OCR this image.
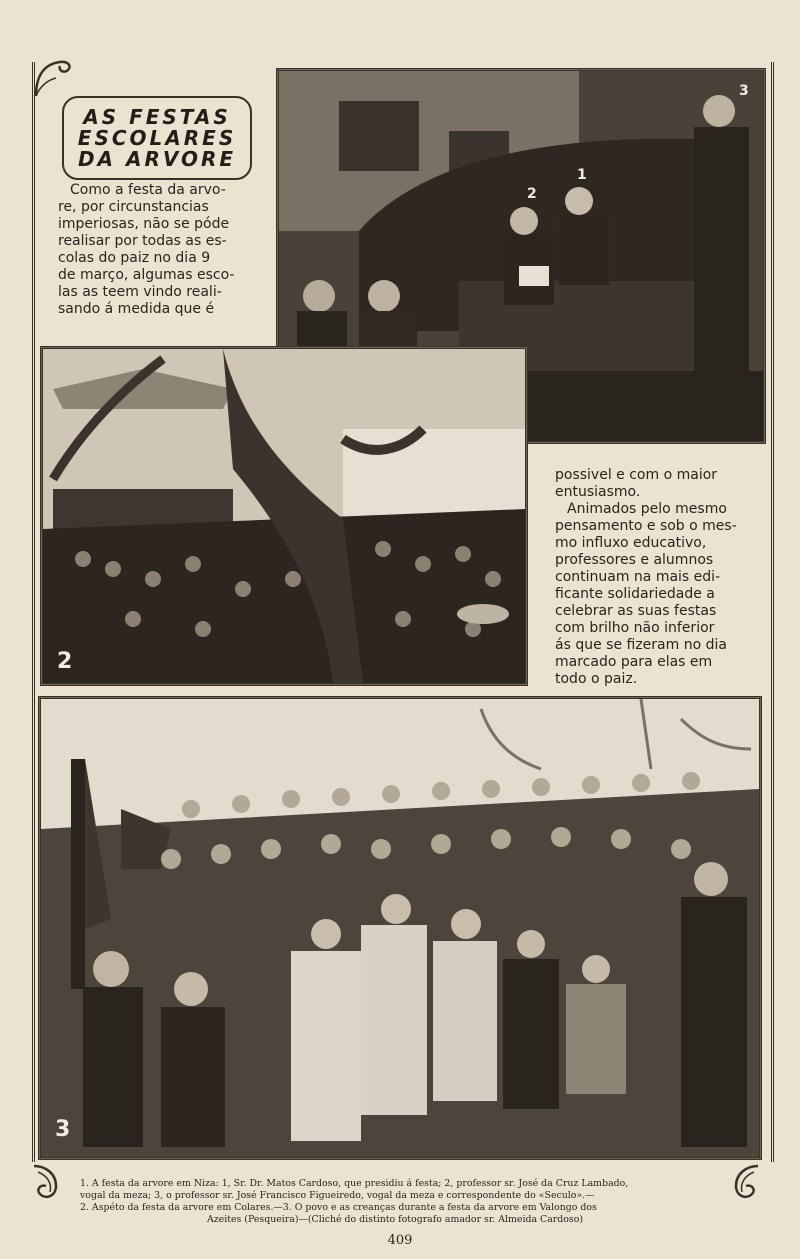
AS FESTAS
ESCOLARES
DA ARVORE
Como a festa da arvo-
re, por circunstancias
imperiosas, não se póde
realisar por todas as es-
colas do paiz no dia 9
de março, algumas esco-
las as teem vindo reali-
sando á medida que é
2
1
3
2
possivel e com o maior
entusiasmo.
Animados pelo mesmo
pensamento e sob o mes-
mo influxo educativo,
professores e alumnos
continuam na mais edi-
ficante solidariedade a
celebrar as suas festas
com brilho não inferior
ás que se fizeram no dia
marcado para elas em
todo o paiz.
3
1. A festa da arvore em Niza: 1, Sr. Dr. Matos Cardoso, que presidiu á festa; 2, professor sr. José da Cruz Lambado,
vogal da meza; 3, o professor sr. José Francisco Figueiredo, vogal da meza e correspondente do «Seculo».—
2. Aspéto da festa da arvore em Colares.—3. O povo e as creanças durante a festa da arvore em Valongo dos
Azeites (Pesqueira)—(Cliché do distinto fotografo amador sr. Almeida Cardoso)
409
